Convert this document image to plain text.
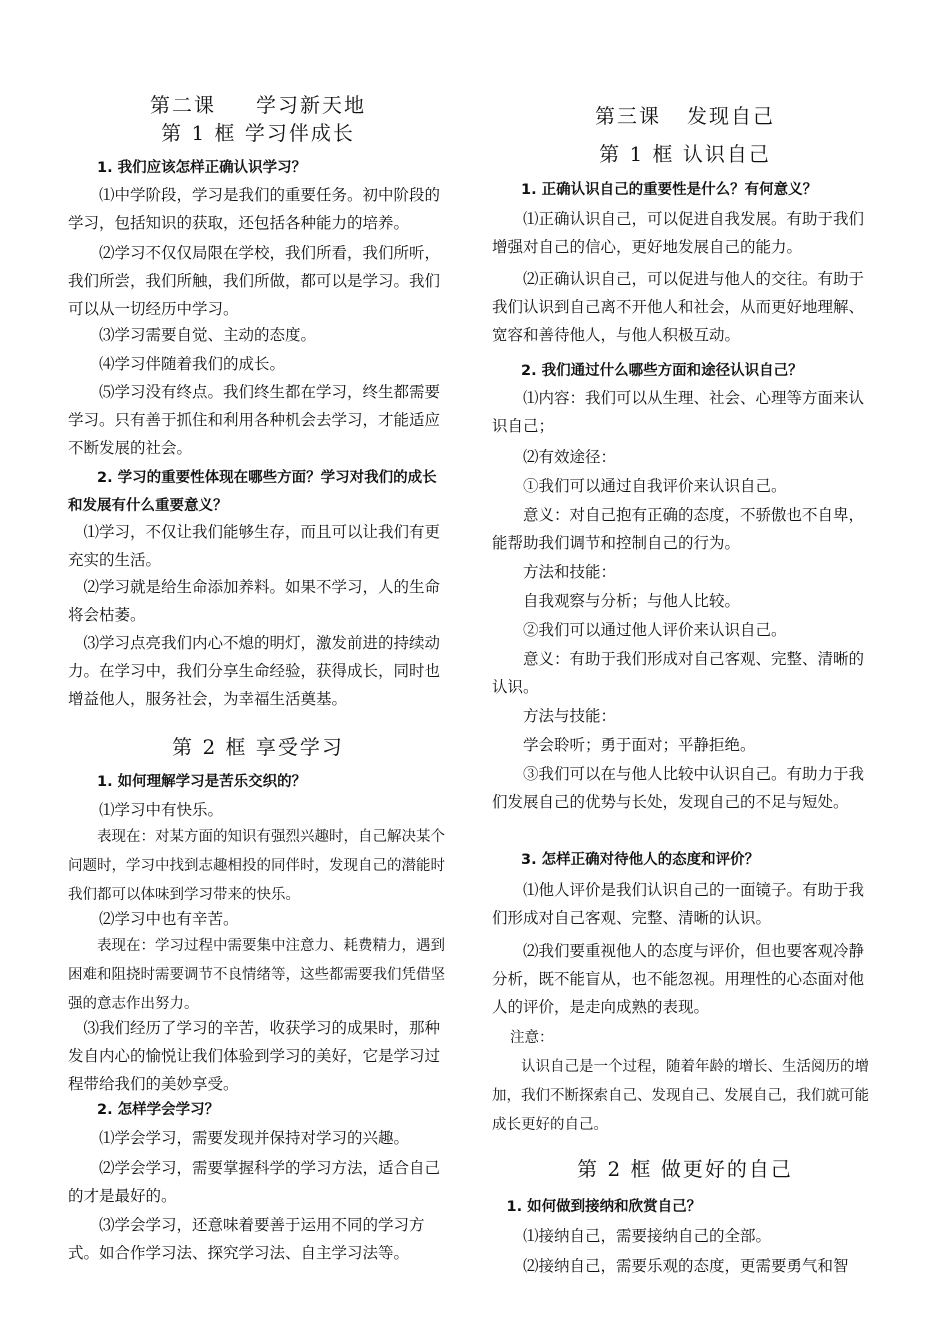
第二课 学习新天地

第 1 框 学习伴成长

1. 我们应该怎样正确认识学习？

⑴中学阶段，学习是我们的重要任务。初中阶段的学习，包括知识的获取，还包括各种能力的培养。

⑵学习不仅仅局限在学校，我们所看，我们所听，我们所尝，我们所触，我们所做，都可以是学习。我们可以从一切经历中学习。

⑶学习需要自觉、主动的态度。

⑷学习伴随着我们的成长。

⑸学习没有终点。我们终生都在学习，终生都需要学习。只有善于抓住和利用各种机会去学习，才能适应不断发展的社会。

2. 学习的重要性体现在哪些方面？学习对我们的成长和发展有什么重要意义？

⑴学习，不仅让我们能够生存，而且可以让我们有更充实的生活。

⑵学习就是给生命添加养料。如果不学习，人的生命将会枯萎。

⑶学习点亮我们内心不熄的明灯，激发前进的持续动力。在学习中，我们分享生命经验，获得成长，同时也增益他人，服务社会，为幸福生活奠基。

第 2 框 享受学习

1. 如何理解学习是苦乐交织的？

⑴学习中有快乐。

表现在：对某方面的知识有强烈兴趣时，自己解决某个问题时，学习中找到志趣相投的同伴时，发现自己的潜能时我们都可以体味到学习带来的快乐。

⑵学习中也有辛苦。

表现在：学习过程中需要集中注意力、耗费精力，遇到困难和阻挠时需要调节不良情绪等，这些都需要我们凭借坚强的意志作出努力。

⑶我们经历了学习的辛苦，收获学习的成果时，那种发自内心的愉悦让我们体验到学习的美好，它是学习过程带给我们的美妙享受。

2. 怎样学会学习？

⑴学会学习，需要发现并保持对学习的兴趣。

⑵学会学习，需要掌握科学的学习方法，适合自己的才是最好的。

⑶学会学习，还意味着要善于运用不同的学习方式。如合作学习法、探究学习法、自主学习法等。

第三课 发现自己

第 1 框 认识自己

1. 正确认识自己的重要性是什么？有何意义？

⑴正确认识自己，可以促进自我发展。有助于我们增强对自己的信心，更好地发展自己的能力。

⑵正确认识自己，可以促进与他人的交往。有助于我们认识到自己离不开他人和社会，从而更好地理解、宽容和善待他人，与他人积极互动。

2. 我们通过什么哪些方面和途径认识自己？

⑴内容：我们可以从生理、社会、心理等方面来认识自己；

⑵有效途径：

①我们可以通过自我评价来认识自己。

意义：对自己抱有正确的态度，不骄傲也不自卑，能帮助我们调节和控制自己的行为。

方法和技能：

自我观察与分析；与他人比较。

②我们可以通过他人评价来认识自己。

意义：有助于我们形成对自己客观、完整、清晰的认识。

方法与技能：

学会聆听；勇于面对；平静拒绝。

③我们可以在与他人比较中认识自己。有助力于我们发展自己的优势与长处，发现自己的不足与短处。

3. 怎样正确对待他人的态度和评价？

⑴他人评价是我们认识自己的一面镜子。有助于我们形成对自己客观、完整、清晰的认识。

⑵我们要重视他人的态度与评价，但也要客观冷静分析，既不能盲从，也不能忽视。用理性的心态面对他人的评价，是走向成熟的表现。

注意：

认识自己是一个过程，随着年龄的增长、生活阅历的增加，我们不断探索自己、发现自己、发展自己，我们就可能成长更好的自己。

第 2 框 做更好的自己

1. 如何做到接纳和欣赏自己？

⑴接纳自己，需要接纳自己的全部。

⑵接纳自己，需要乐观的态度，更需要勇气和智
